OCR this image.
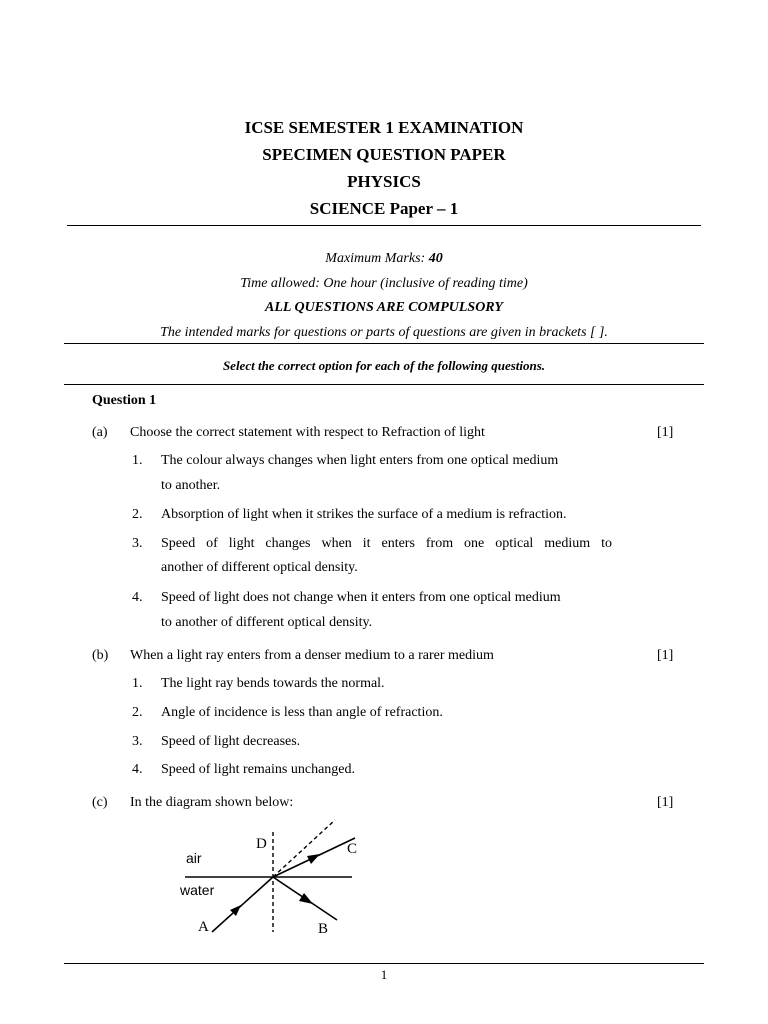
ICSE SEMESTER 1 EXAMINATION
SPECIMEN QUESTION PAPER
PHYSICS
SCIENCE Paper – 1
Maximum Marks: 40
Time allowed: One hour (inclusive of reading time)
ALL QUESTIONS ARE COMPULSORY
The intended marks for questions or parts of questions are given in brackets [ ].
Select the correct option for each of the following questions.
Question 1
(a) Choose the correct statement with respect to Refraction of light	[1]
1. The colour always changes when light enters from one optical medium
to another.
2. Absorption of light when it strikes the surface of a medium is refraction.
3. Speed of light changes when it enters from one optical medium to
another of different optical density.
4. Speed of light does not change when it enters from one optical medium
to another of different optical density.
(b) When a light ray enters from a denser medium to a rarer medium	[1]
1. The light ray bends towards the normal.
2. Angle of incidence is less than angle of refraction.
3. Speed of light decreases.
4. Speed of light remains unchanged.
(c) In the diagram shown below:	[1]
air
water
D	C
A	B
1
